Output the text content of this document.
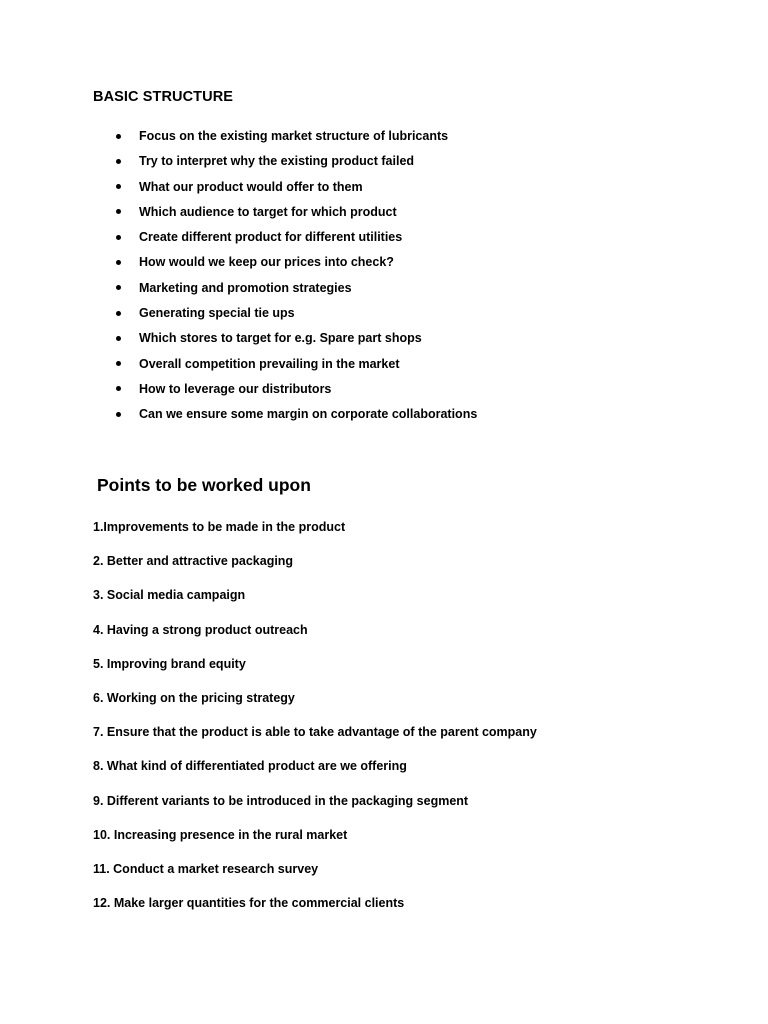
BASIC STRUCTURE
Focus on the existing market structure of lubricants
Try to interpret why the existing product failed
What our product would offer to them
Which audience to target for which product
Create different product for different utilities
How would we keep our prices into check?
Marketing and promotion strategies
Generating special tie ups
Which stores to target for e.g. Spare part shops
Overall competition prevailing in the market
How to leverage our distributors
Can we ensure some margin on corporate collaborations
Points to be worked upon
1.Improvements to be made in the product
2. Better and attractive packaging
3. Social media campaign
4. Having a strong product outreach
5. Improving brand equity
6. Working on the pricing strategy
7. Ensure that the product is able to take advantage of the parent company
8. What kind of differentiated product are we offering
9. Different variants to be introduced in the packaging segment
10. Increasing presence in the rural market
11. Conduct a market research survey
12. Make larger quantities for the commercial clients
